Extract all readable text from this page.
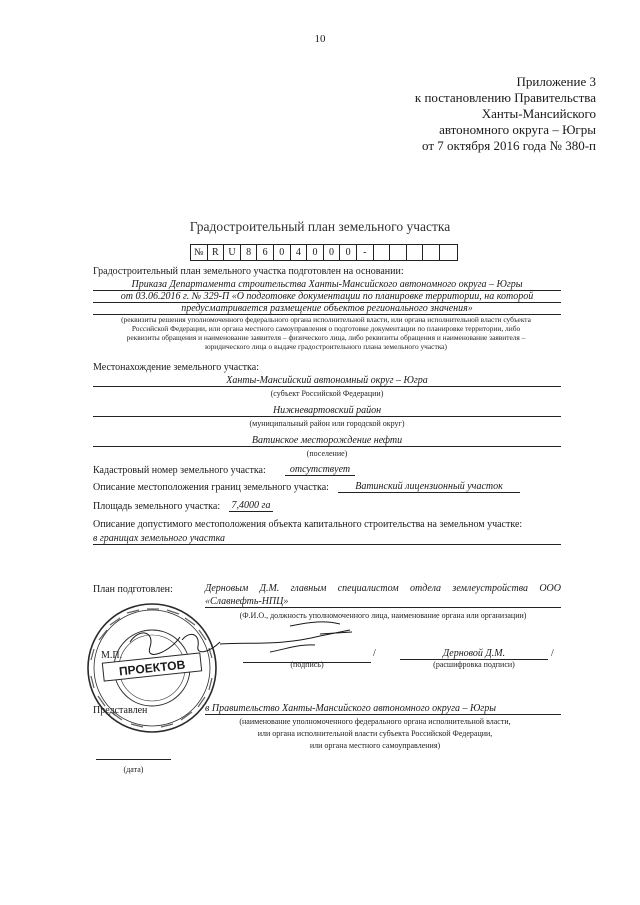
10
Приложение 3
к постановлению Правительства
Ханты-Мансийского
автономного округа – Югры
от 7 октября 2016 года № 380-п
Градостроительный план земельного участка
№ R U	8	6	0	4	0	0	0	-
Градостроительный план земельного участка подготовлен на основании:
Приказа Департамента строительства Ханты-Мансийского автономного округа – Югры
от 03.06.2016 г. № 329-П «О подготовке документации по планировке территории, на которой
предусматривается размещение объектов регионального значения»
(реквизиты решения уполномоченного федерального органа исполнительной власти, или органа исполнительной власти субъекта
Российской Федерации, или органа местного самоуправления о подготовке документации по планировке территории, либо
реквизиты обращения и наименование заявителя – физического лица, либо реквизиты обращения и наименование заявителя –
юридического лица о выдаче градостроительного плана земельного участка)
Местонахождение земельного участка:
Ханты-Мансийский автономный округ – Югра
(субъект Российской Федерации)
Нижневартовский район
(муниципальный район или городской округ)
Ватинское месторождение нефти
(поселение)
Кадастровый номер земельного участка:	отсутствует
Описание местоположения границ земельного участка:	Ватинский лицензионный участок
Площадь земельного участка: 7,4000 га
Описание допустимого местоположения объекта капитального строительства на земельном участке:
в границах земельного участка
План подготовлен:	Дерновым Д.М. главным специалистом отдела землеустройства ООО
«Славнефть-НПЦ»
(Ф.И.О., должность уполномоченного лица, наименование органа или организации)
М.П.	/
(подпись)
Дерновой Д.М.	/
(расшифровка подписи)
Представлен	в Правительство Ханты-Мансийского автономного округа – Югры
(наименование уполномоченного федерального органа исполнительной власти,
или органа исполнительной власти субъекта Российской Федерации,
или органа местного самоуправления)
(дата)
ПРОЕКТОВ
